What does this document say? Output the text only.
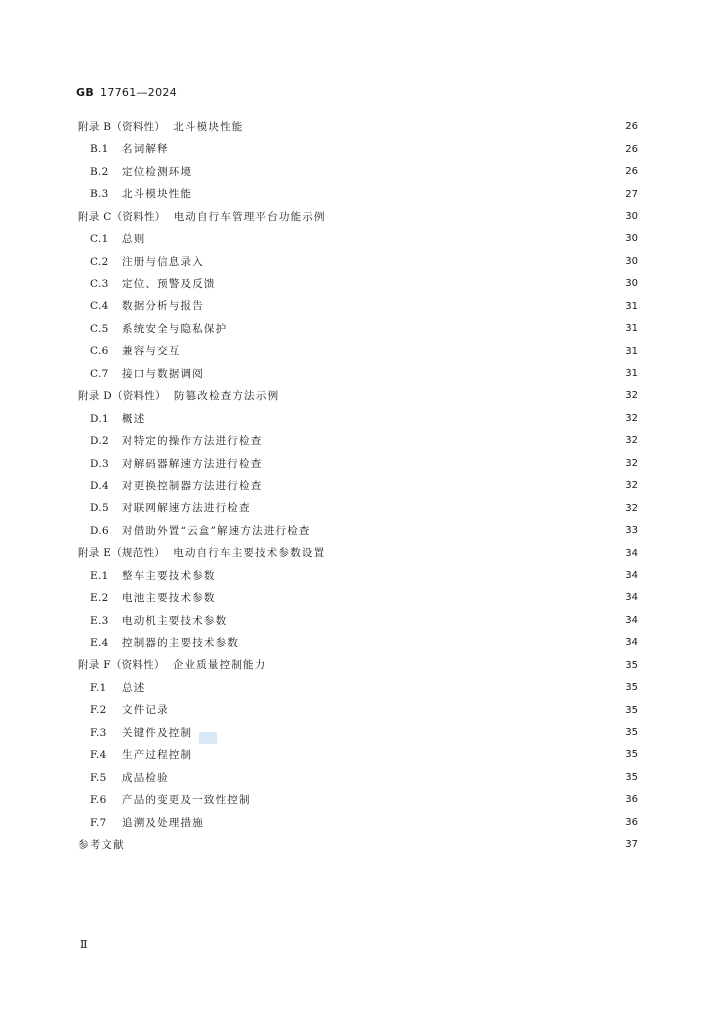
GB 17761—2024
附录 B（资料性） 北斗模块性能	26
B.1 名词解释	26
B.2 定位检测环境	26
B.3 北斗模块性能	27
附录 C（资料性） 电动自行车管理平台功能示例	30
C.1 总则	30
C.2 注册与信息录入	30
C.3 定位、预警及反馈	30
C.4 数据分析与报告	31
C.5 系统安全与隐私保护	31
C.6 兼容与交互	31
C.7 接口与数据调阅	31
附录 D（资料性） 防篡改检查方法示例	32
D.1 概述	32
D.2 对特定的操作方法进行检查	32
D.3 对解码器解速方法进行检查	32
D.4 对更换控制器方法进行检查	32
D.5 对联网解速方法进行检查	32
D.6 对借助外置“云盒”解速方法进行检查	33
附录 E（规范性） 电动自行车主要技术参数设置	34
E.1 整车主要技术参数	34
E.2 电池主要技术参数	34
E.3 电动机主要技术参数	34
E.4 控制器的主要技术参数	34
附录 F（资料性） 企业质量控制能力	35
F.1 总述	35
F.2 文件记录	35
F.3 关键件及控制	35
F.4 生产过程控制	35
F.5 成品检验	35
F.6 产品的变更及一致性控制	36
F.7 追溯及处理措施	36
参考文献	37
Ⅱ
